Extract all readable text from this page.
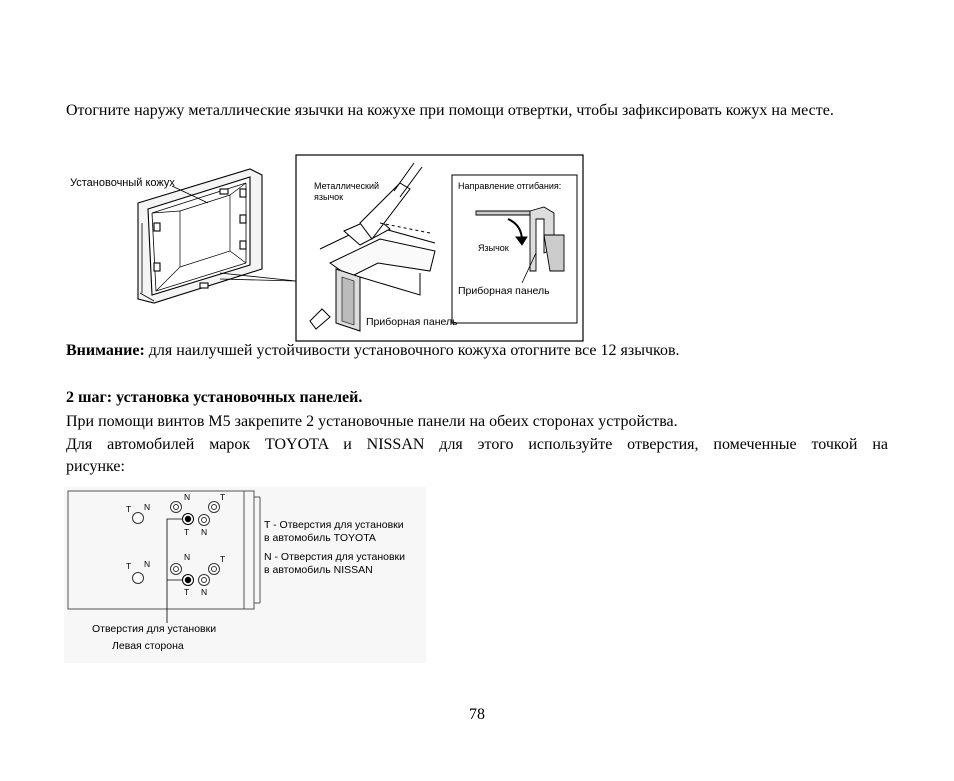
Отогните наружу металлические язычки на кожухе при помощи отвертки, чтобы зафиксировать кожух на месте.
Установочный кожух	Металлический
язычок
Приборная панель
Направление отгибания:
Язычок
Приборная панель
Внимание: для наилучшей устойчивости установочного кожуха отогните все 12 язычков.
2 шаг: установка установочных панелей.
При помощи винтов М5 закрепите 2 установочные панели на обеих сторонах устройства.
Для автомобилей марок TOYOTA и NISSAN для этого используйте отверстия, помеченные точкой на
рисунке:
T N
N	T
T N
T N
N	T
T N
T - Отверстия для установки
в автомобиль TOYOTA
N - Отверстия для установки
в автомобиль NISSAN
Отверстия для установки
Левая сторона
78
